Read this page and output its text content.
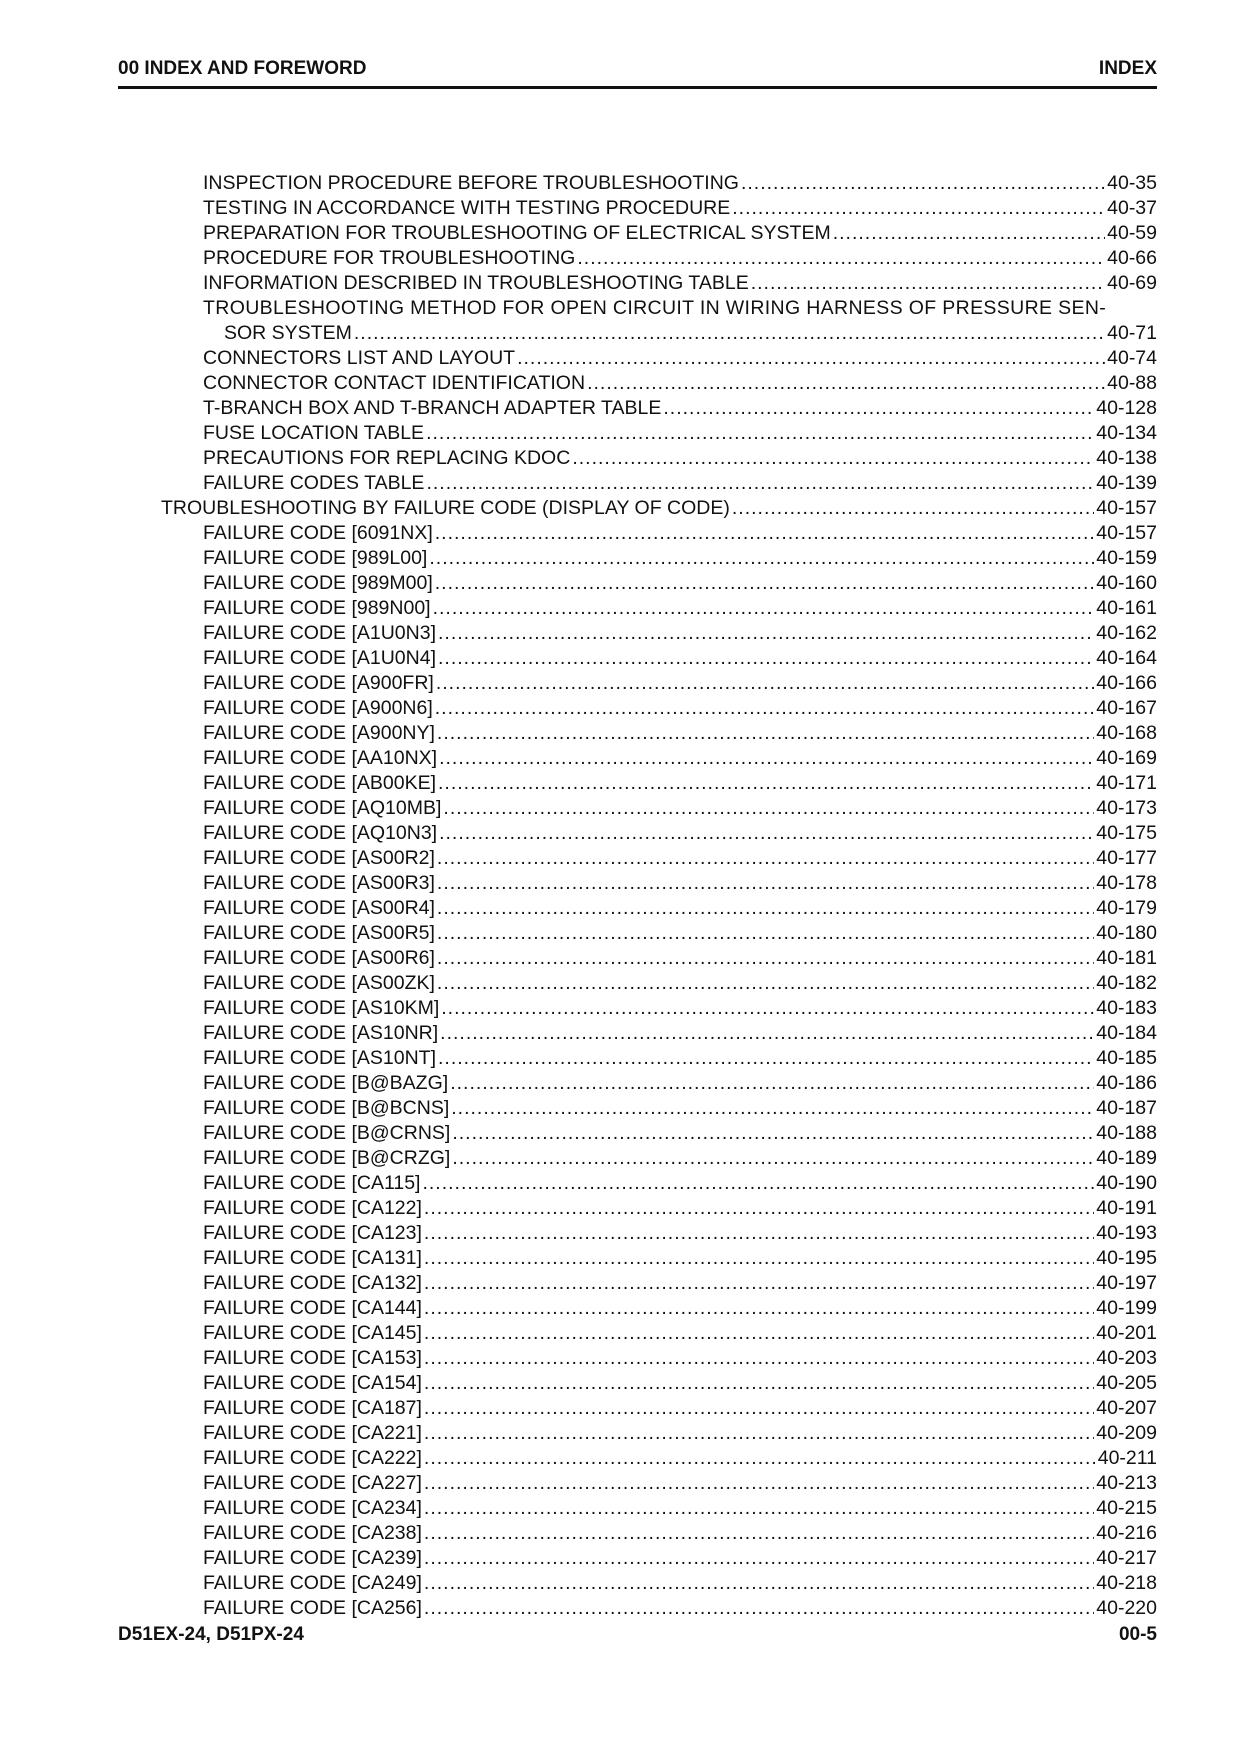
00 INDEX AND FOREWORD	INDEX
INSPECTION PROCEDURE BEFORE TROUBLESHOOTING .....	40-35
TESTING IN ACCORDANCE WITH TESTING PROCEDURE .....	40-37
PREPARATION FOR TROUBLESHOOTING OF ELECTRICAL SYSTEM .....	40-59
PROCEDURE FOR TROUBLESHOOTING .....	40-66
INFORMATION DESCRIBED IN TROUBLESHOOTING TABLE .....	40-69
TROUBLESHOOTING METHOD FOR OPEN CIRCUIT IN WIRING HARNESS OF PRESSURE SEN-
SOR SYSTEM .....	40-71
CONNECTORS LIST AND LAYOUT .....	40-74
CONNECTOR CONTACT IDENTIFICATION .....	40-88
T-BRANCH BOX AND T-BRANCH ADAPTER TABLE .....	40-128
FUSE LOCATION TABLE .....	40-134
PRECAUTIONS FOR REPLACING KDOC .....	40-138
FAILURE CODES TABLE .....	40-139
TROUBLESHOOTING BY FAILURE CODE (DISPLAY OF CODE) .....	40-157
FAILURE CODE [6091NX] .....	40-157
FAILURE CODE [989L00] .....	40-159
FAILURE CODE [989M00] .....	40-160
FAILURE CODE [989N00] .....	40-161
FAILURE CODE [A1U0N3] .....	40-162
FAILURE CODE [A1U0N4] .....	40-164
FAILURE CODE [A900FR] .....	40-166
FAILURE CODE [A900N6] .....	40-167
FAILURE CODE [A900NY] .....	40-168
FAILURE CODE [AA10NX] .....	40-169
FAILURE CODE [AB00KE] .....	40-171
FAILURE CODE [AQ10MB] .....	40-173
FAILURE CODE [AQ10N3] .....	40-175
FAILURE CODE [AS00R2] .....	40-177
FAILURE CODE [AS00R3] .....	40-178
FAILURE CODE [AS00R4] .....	40-179
FAILURE CODE [AS00R5] .....	40-180
FAILURE CODE [AS00R6] .....	40-181
FAILURE CODE [AS00ZK] .....	40-182
FAILURE CODE [AS10KM] .....	40-183
FAILURE CODE [AS10NR] .....	40-184
FAILURE CODE [AS10NT] .....	40-185
FAILURE CODE [B@BAZG] .....	40-186
FAILURE CODE [B@BCNS] .....	40-187
FAILURE CODE [B@CRNS] .....	40-188
FAILURE CODE [B@CRZG] .....	40-189
FAILURE CODE [CA115] .....	40-190
FAILURE CODE [CA122] .....	40-191
FAILURE CODE [CA123] .....	40-193
FAILURE CODE [CA131] .....	40-195
FAILURE CODE [CA132] .....	40-197
FAILURE CODE [CA144] .....	40-199
FAILURE CODE [CA145] .....	40-201
FAILURE CODE [CA153] .....	40-203
FAILURE CODE [CA154] .....	40-205
FAILURE CODE [CA187] .....	40-207
FAILURE CODE [CA221] .....	40-209
FAILURE CODE [CA222] .....	40-211
FAILURE CODE [CA227] .....	40-213
FAILURE CODE [CA234] .....	40-215
FAILURE CODE [CA238] .....	40-216
FAILURE CODE [CA239] .....	40-217
FAILURE CODE [CA249] .....	40-218
FAILURE CODE [CA256] .....	40-220
D51EX-24, D51PX-24	00-5
